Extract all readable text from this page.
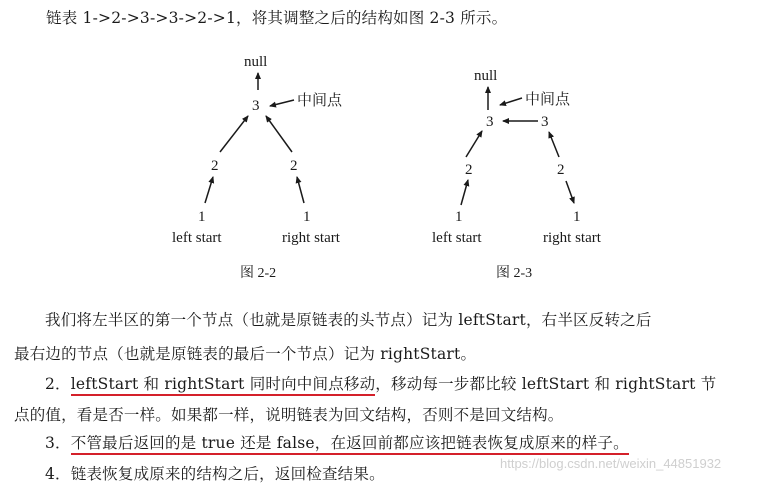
链表 1->2->3->3->2->1，将其调整之后的结构如图 2-3 所示。
null
3	中间点
2	2
1	1
left start	right start
图 2-2
null
中间点
3	3
2	2
1	1
left start	right start
图 2-3
我们将左半区的第一个节点（也就是原链表的头节点）记为 leftStart，右半区反转之后
最右边的节点（也就是原链表的最后一个节点）记为 rightStart。
2．leftStart 和 rightStart 同时向中间点移动，移动每一步都比较 leftStart 和 rightStart 节
点的值，看是否一样。如果都一样，说明链表为回文结构，否则不是回文结构。
3．不管最后返回的是 true 还是 false，在返回前都应该把链表恢复成原来的样子。
4．链表恢复成原来的结构之后，返回检查结果。
https://blog.csdn.net/weixin_44851932
